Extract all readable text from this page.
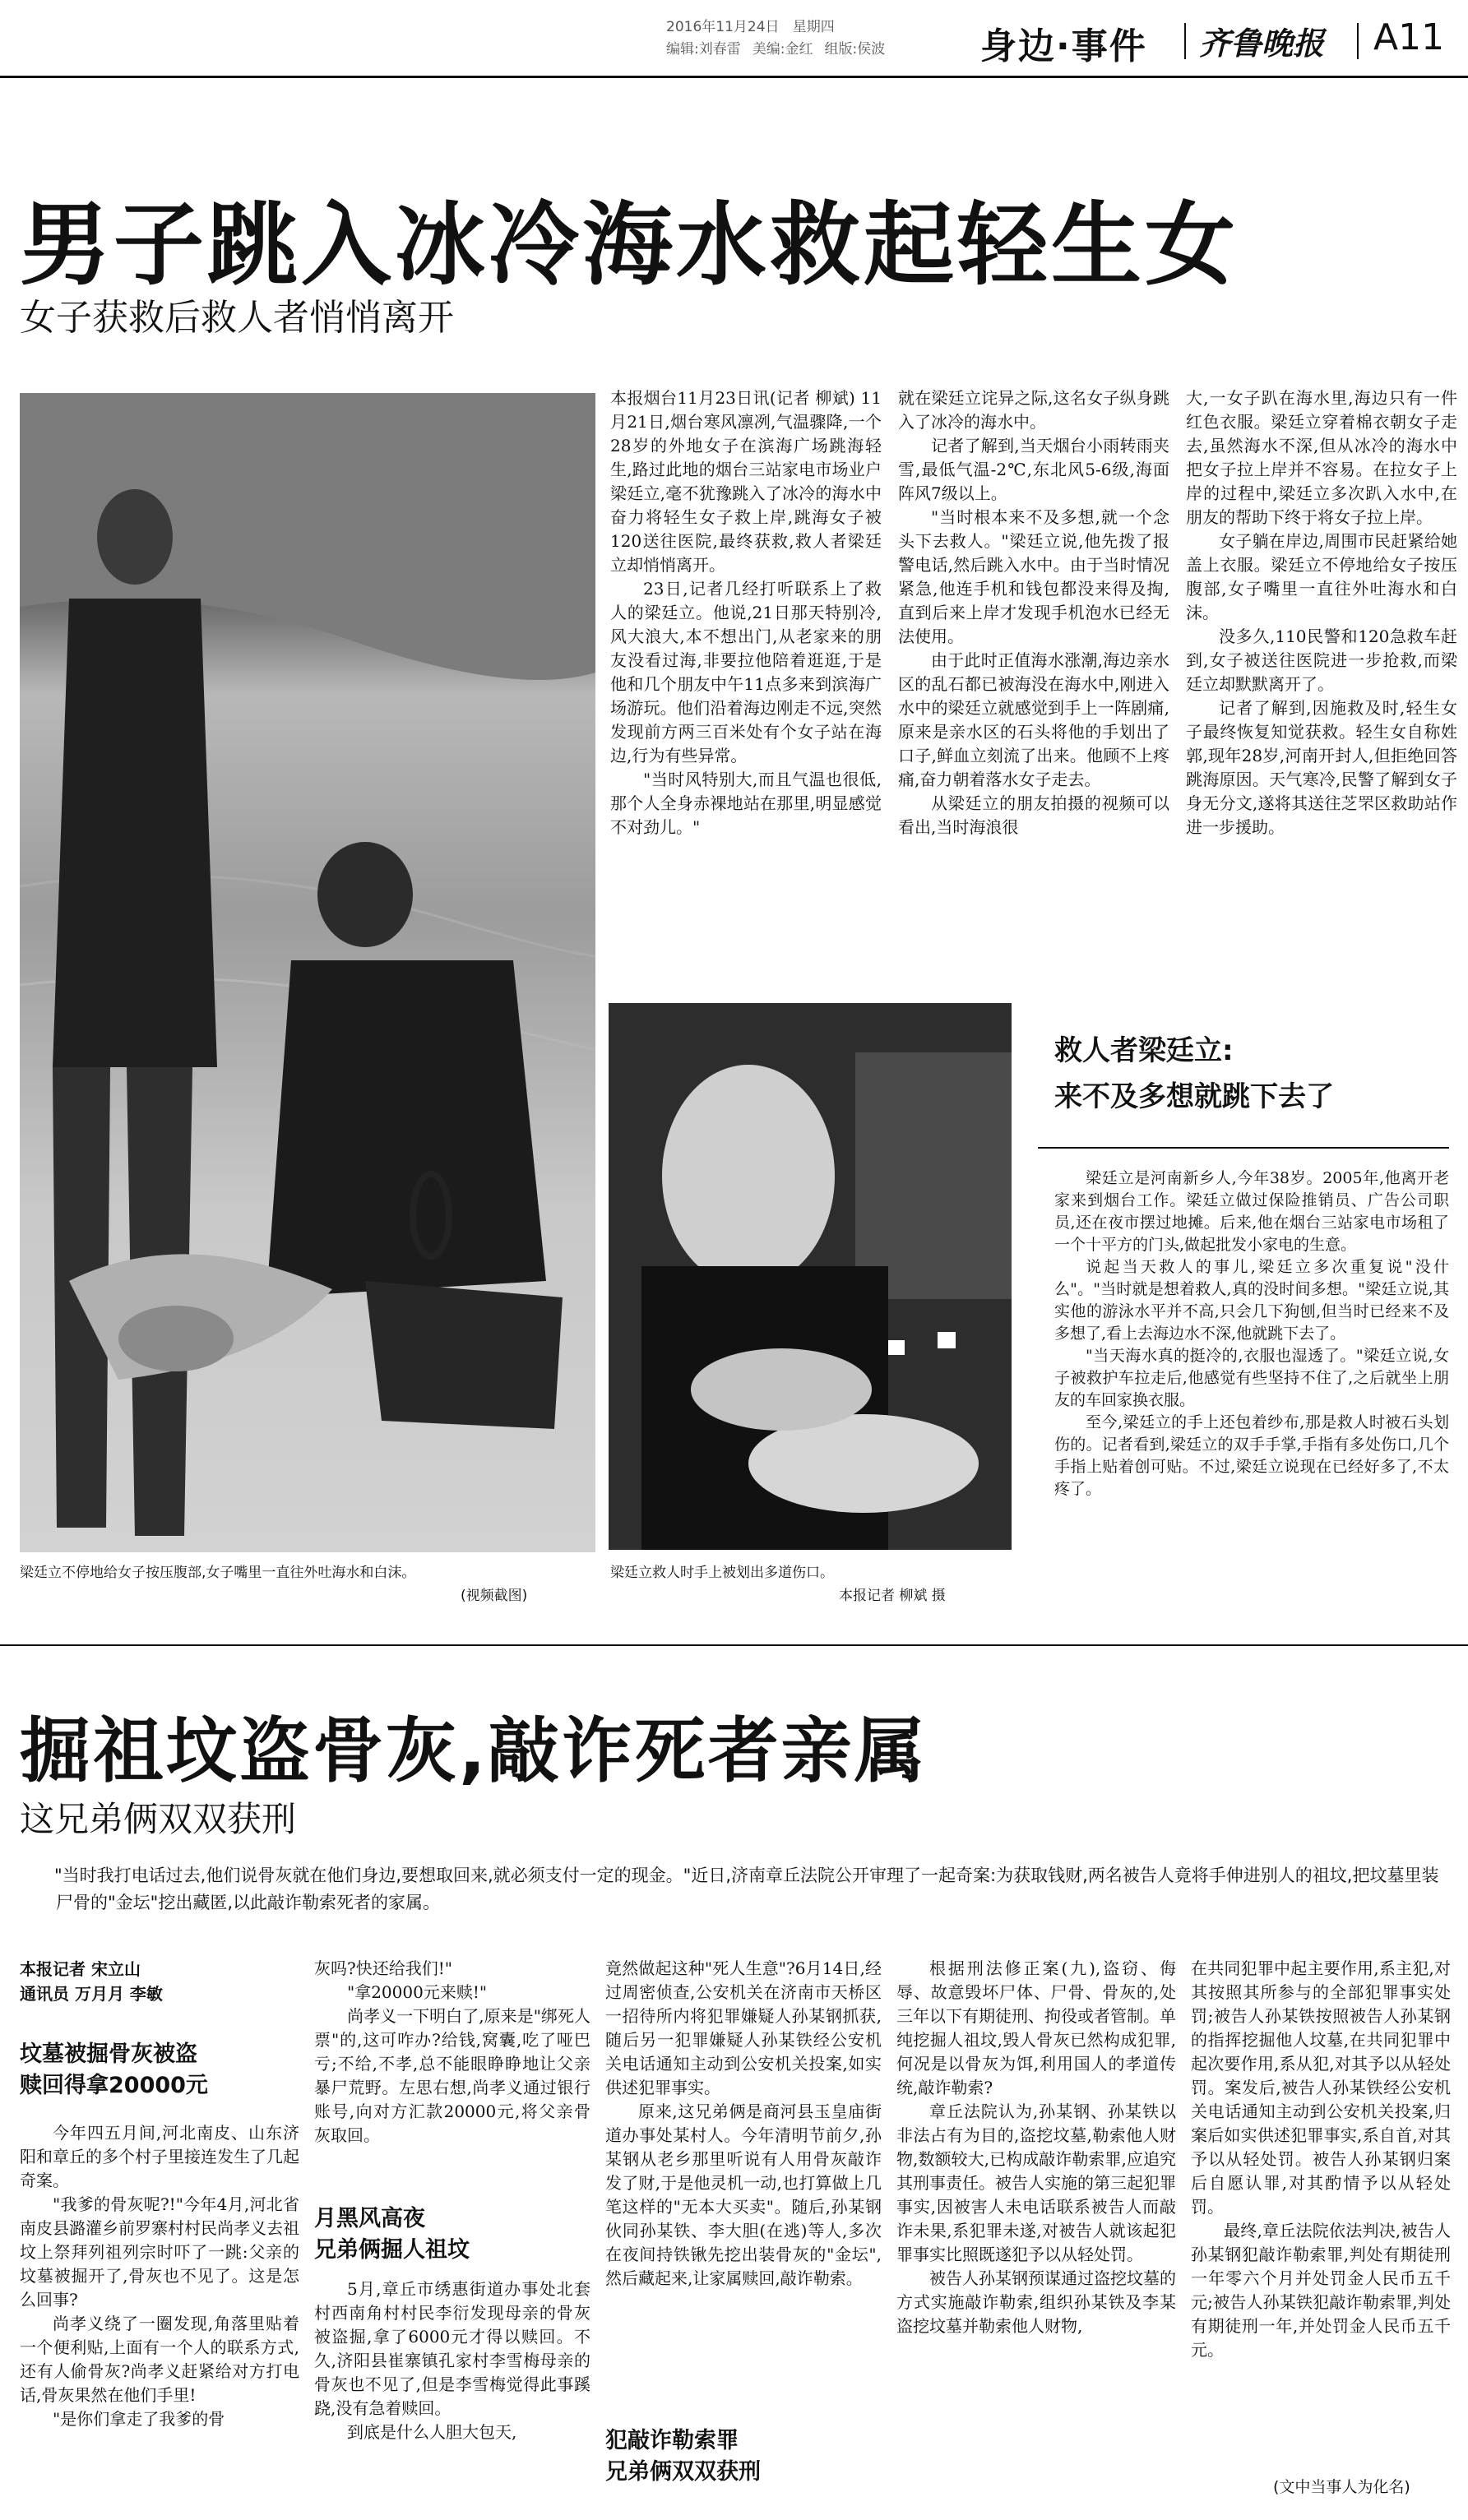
2016年11月24日 星期四
编辑:刘春雷 美编:金红 组版:侯波	身边·事件 齐鲁晚报 A11
男子跳入冰冷海水救起轻生女
女子获救后救人者悄悄离开
梁廷立不停地给女子按压腹部,女子嘴里一直往外吐海水和白沫。
(视频截图)

本报烟台11月23日讯(记者 柳斌) 11月21日,烟台寒风凛冽,气温骤降,一个28岁的外地女子在滨海广场跳海轻生,路过此地的烟台三站家电市场业户梁廷立,毫不犹豫跳入了冰冷的海水中奋力将轻生女子救上岸,跳海女子被120送往医院,最终获救,救人者梁廷立却悄悄离开。

23日,记者几经打听联系上了救人的梁廷立。他说,21日那天特别冷,风大浪大,本不想出门,从老家来的朋友没看过海,非要拉他陪着逛逛,于是他和几个朋友中午11点多来到滨海广场游玩。他们沿着海边刚走不远,突然发现前方两三百米处有个女子站在海边,行为有些异常。

"当时风特别大,而且气温也很低,那个人全身赤裸地站在那里,明显感觉不对劲儿。"

就在梁廷立诧异之际,这名女子纵身跳入了冰冷的海水中。

记者了解到,当天烟台小雨转雨夹雪,最低气温-2℃,东北风5-6级,海面阵风7级以上。

"当时根本来不及多想,就一个念头下去救人。"梁廷立说,他先拨了报警电话,然后跳入水中。由于当时情况紧急,他连手机和钱包都没来得及掏,直到后来上岸才发现手机泡水已经无法使用。

由于此时正值海水涨潮,海边亲水区的乱石都已被海没在海水中,刚进入水中的梁廷立就感觉到手上一阵剧痛,原来是亲水区的石头将他的手划出了口子,鲜血立刻流了出来。他顾不上疼痛,奋力朝着落水女子走去。

从梁廷立的朋友拍摄的视频可以看出,当时海浪很

大,一女子趴在海水里,海边只有一件红色衣服。梁廷立穿着棉衣朝女子走去,虽然海水不深,但从冰冷的海水中把女子拉上岸并不容易。在拉女子上岸的过程中,梁廷立多次趴入水中,在朋友的帮助下终于将女子拉上岸。

女子躺在岸边,周围市民赶紧给她盖上衣服。梁廷立不停地给女子按压腹部,女子嘴里一直往外吐海水和白沫。

没多久,110民警和120急救车赶到,女子被送往医院进一步抢救,而梁廷立却默默离开了。

记者了解到,因施救及时,轻生女子最终恢复知觉获救。轻生女自称姓郭,现年28岁,河南开封人,但拒绝回答跳海原因。天气寒冷,民警了解到女子身无分文,遂将其送往芝罘区救助站作进一步援助。

梁廷立救人时手上被划出多道伤口。
本报记者 柳斌 摄
救人者梁廷立:
来不及多想就跳下去了

梁廷立是河南新乡人,今年38岁。2005年,他离开老家来到烟台工作。梁廷立做过保险推销员、广告公司职员,还在夜市摆过地摊。后来,他在烟台三站家电市场租了一个十平方的门头,做起批发小家电的生意。

说起当天救人的事儿,梁廷立多次重复说"没什么"。"当时就是想着救人,真的没时间多想。"梁廷立说,其实他的游泳水平并不高,只会几下狗刨,但当时已经来不及多想了,看上去海边水不深,他就跳下去了。

"当天海水真的挺冷的,衣服也湿透了。"梁廷立说,女子被救护车拉走后,他感觉有些坚持不住了,之后就坐上朋友的车回家换衣服。

至今,梁廷立的手上还包着纱布,那是救人时被石头划伤的。记者看到,梁廷立的双手手掌,手指有多处伤口,几个手指上贴着创可贴。不过,梁廷立说现在已经好多了,不太疼了。

掘祖坟盗骨灰,敲诈死者亲属
这兄弟俩双双获刑

"当时我打电话过去,他们说骨灰就在他们身边,要想取回来,就必须支付一定的现金。"近日,济南章丘法院公开审理了一起奇案:为获取钱财,两名被告人竟将手伸进别人的祖坟,把坟墓里装尸骨的"金坛"挖出藏匿,以此敲诈勒索死者的家属。

本报记者 宋立山
通讯员 万月月 李敏
坟墓被掘骨灰被盗
赎回得拿20000元

今年四五月间,河北南皮、山东济阳和章丘的多个村子里接连发生了几起奇案。

"我爹的骨灰呢?!"今年4月,河北省南皮县潞灌乡前罗寨村村民尚孝义去祖坟上祭拜列祖列宗时吓了一跳:父亲的坟墓被掘开了,骨灰也不见了。这是怎么回事?

尚孝义绕了一圈发现,角落里贴着一个便利贴,上面有一个人的联系方式,还有人偷骨灰?尚孝义赶紧给对方打电话,骨灰果然在他们手里!

"是你们拿走了我爹的骨

灰吗?快还给我们!"

"拿20000元来赎!"

尚孝义一下明白了,原来是"绑死人票"的,这可咋办?给钱,窝囊,吃了哑巴亏;不给,不孝,总不能眼睁睁地让父亲暴尸荒野。左思右想,尚孝义通过银行账号,向对方汇款20000元,将父亲骨灰取回。

月黑风高夜
兄弟俩掘人祖坟

5月,章丘市绣惠街道办事处北套村西南角村村民李衍发现母亲的骨灰被盗掘,拿了6000元才得以赎回。不久,济阳县崔寨镇孔家村李雪梅母亲的骨灰也不见了,但是李雪梅觉得此事蹊跷,没有急着赎回。

到底是什么人胆大包天,

竟然做起这种"死人生意"?6月14日,经过周密侦查,公安机关在济南市天桥区一招待所内将犯罪嫌疑人孙某钢抓获,随后另一犯罪嫌疑人孙某铁经公安机关电话通知主动到公安机关投案,如实供述犯罪事实。

原来,这兄弟俩是商河县玉皇庙街道办事处某村人。今年清明节前夕,孙某钢从老乡那里听说有人用骨灰敲诈发了财,于是他灵机一动,也打算做上几笔这样的"无本大买卖"。随后,孙某钢伙同孙某铁、李大胆(在逃)等人,多次在夜间持铁锹先挖出装骨灰的"金坛",然后藏起来,让家属赎回,敲诈勒索。

犯敲诈勒索罪
兄弟俩双双获刑

根据刑法修正案(九),盗窃、侮辱、故意毁坏尸体、尸骨、骨灰的,处三年以下有期徒刑、拘役或者管制。单纯挖掘人祖坟,毁人骨灰已然构成犯罪,何况是以骨灰为饵,利用国人的孝道传统,敲诈勒索?

章丘法院认为,孙某钢、孙某铁以非法占有为目的,盗挖坟墓,勒索他人财物,数额较大,已构成敲诈勒索罪,应追究其刑事责任。被告人实施的第三起犯罪事实,因被害人未电话联系被告人而敲诈未果,系犯罪未遂,对被告人就该起犯罪事实比照既遂犯予以从轻处罚。

被告人孙某钢预谋通过盗挖坟墓的方式实施敲诈勒索,组织孙某铁及李某盗挖坟墓并勒索他人财物,

在共同犯罪中起主要作用,系主犯,对其按照其所参与的全部犯罪事实处罚;被告人孙某铁按照被告人孙某钢的指挥挖掘他人坟墓,在共同犯罪中起次要作用,系从犯,对其予以从轻处罚。案发后,被告人孙某铁经公安机关电话通知主动到公安机关投案,归案后如实供述犯罪事实,系自首,对其予以从轻处罚。被告人孙某钢归案后自愿认罪,对其酌情予以从轻处罚。

最终,章丘法院依法判决,被告人孙某钢犯敲诈勒索罪,判处有期徒刑一年零六个月并处罚金人民币五千元;被告人孙某铁犯敲诈勒索罪,判处有期徒刑一年,并处罚金人民币五千元。

(文中当事人为化名)
